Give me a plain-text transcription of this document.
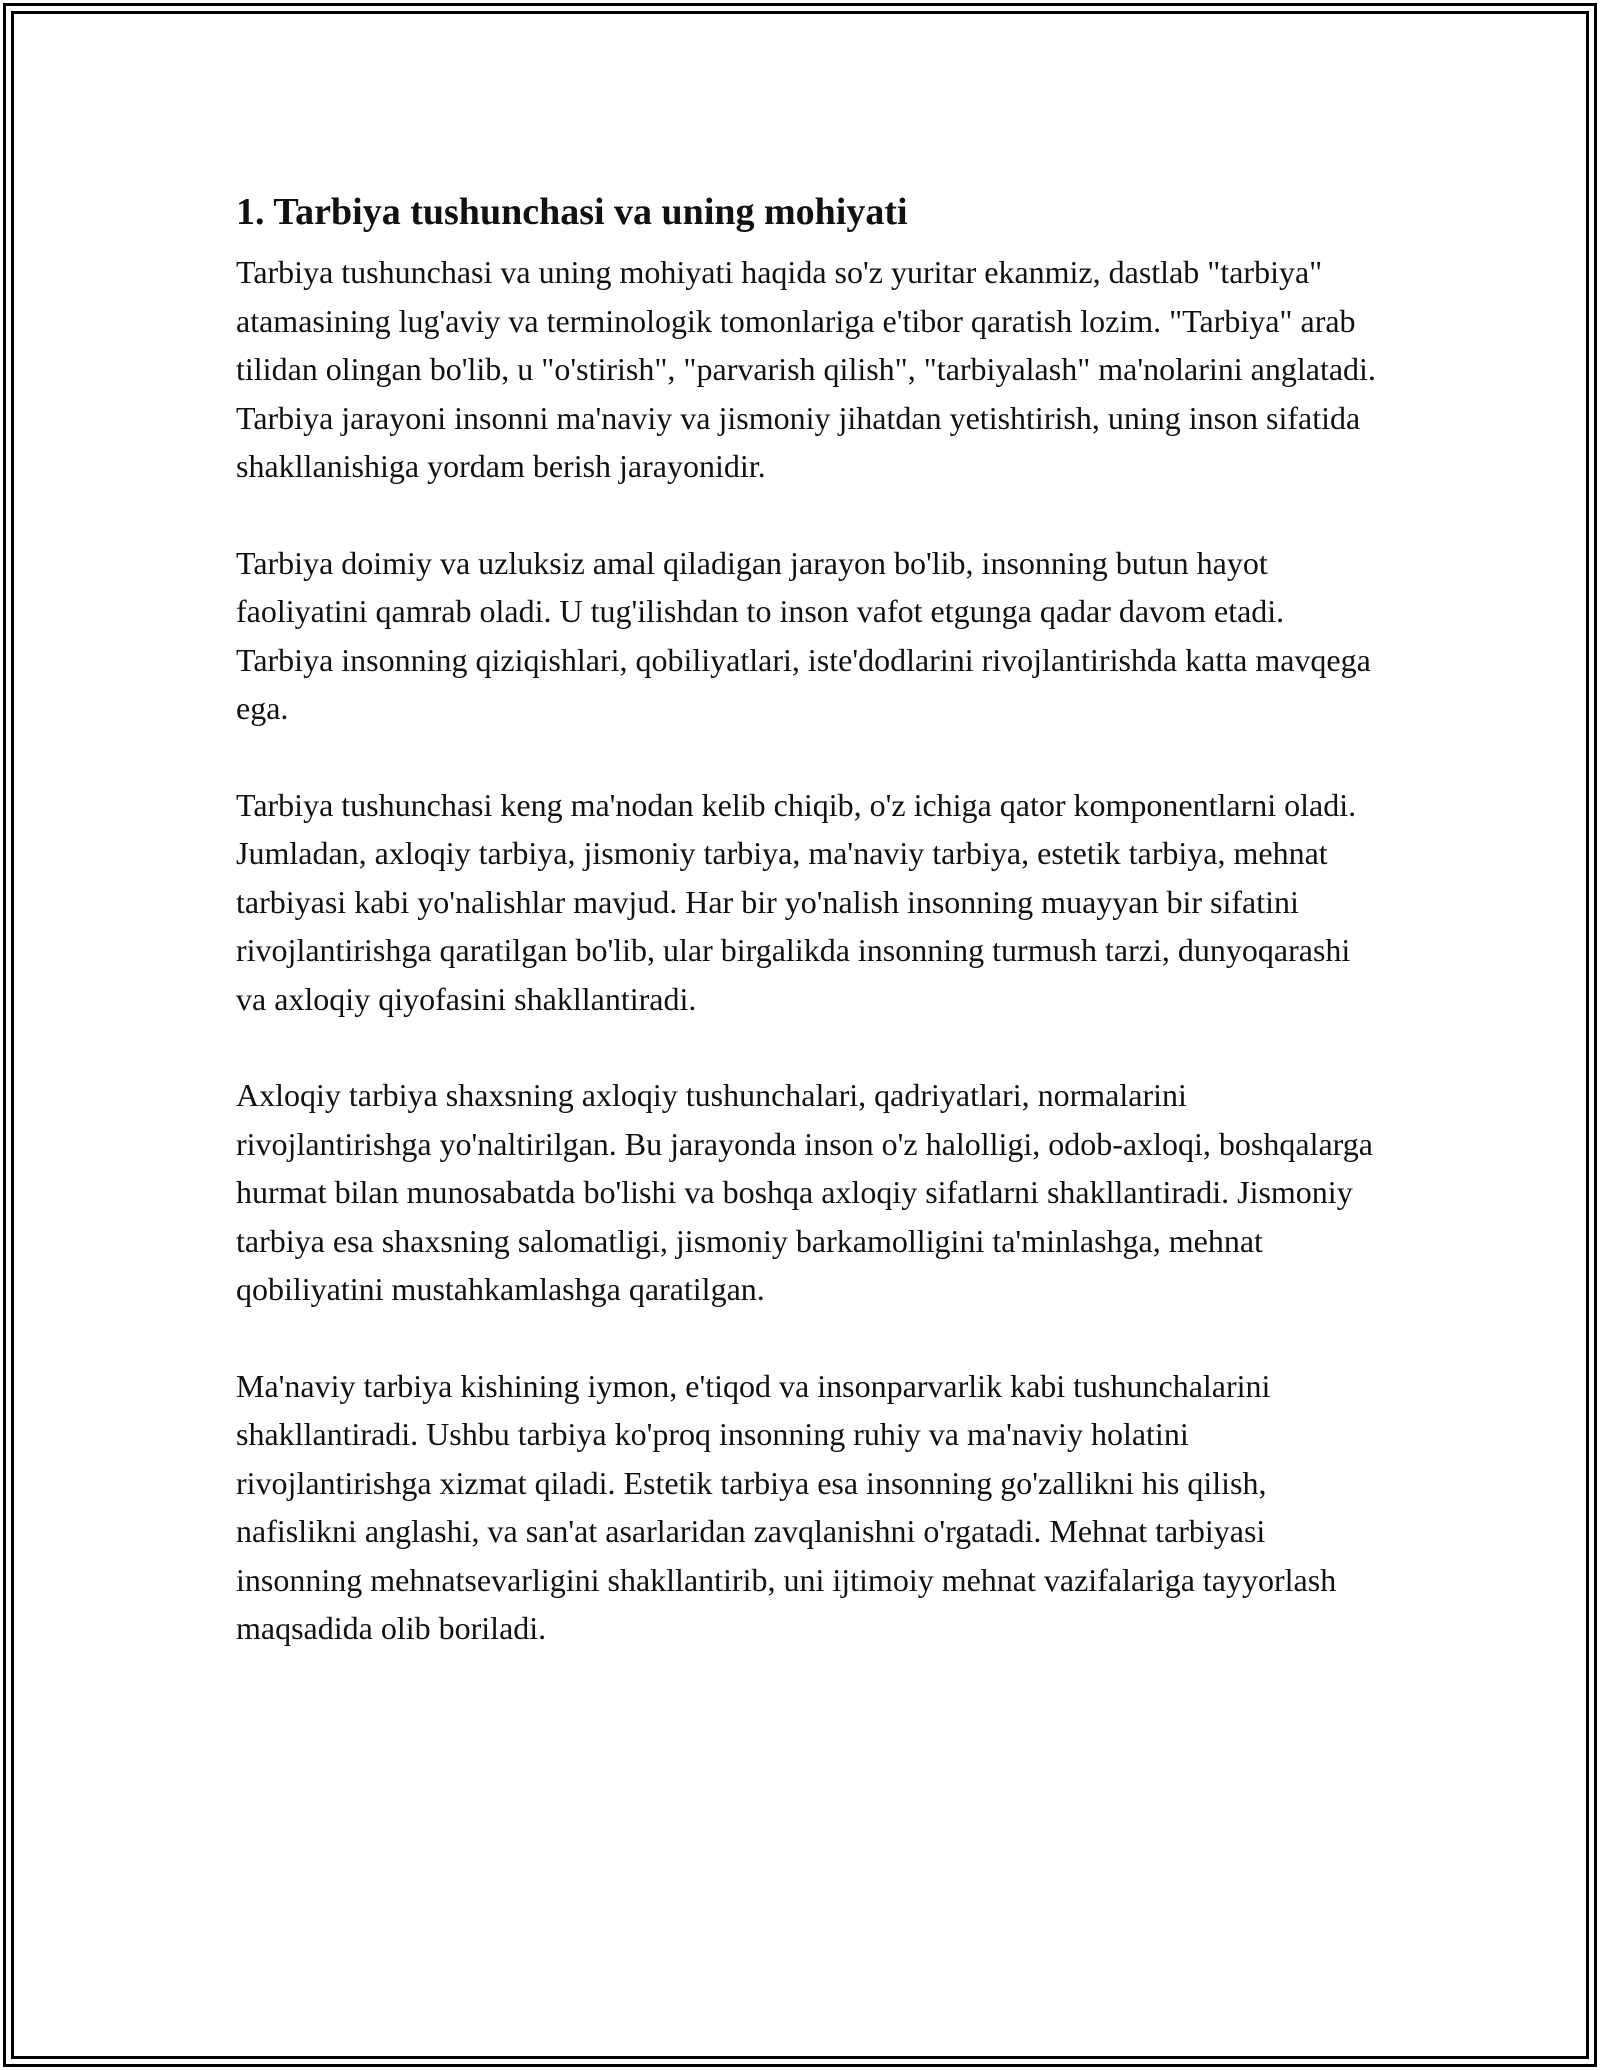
1. Tarbiya tushunchasi va uning mohiyati

Tarbiya tushunchasi va uning mohiyati haqida so'z yuritar ekanmiz, dastlab "tarbiya" atamasining lug'aviy va terminologik tomonlariga e'tibor qaratish lozim. "Tarbiya" arab tilidan olingan bo'lib, u "o'stirish", "parvarish qilish", "tarbiyalash" ma'nolarini anglatadi. Tarbiya jarayoni insonni ma'naviy va jismoniy jihatdan yetishtirish, uning inson sifatida shakllanishiga yordam berish jarayonidir.

Tarbiya doimiy va uzluksiz amal qiladigan jarayon bo'lib, insonning butun hayot faoliyatini qamrab oladi. U tug'ilishdan to inson vafot etgunga qadar davom etadi. Tarbiya insonning qiziqishlari, qobiliyatlari, iste'dodlarini rivojlantirishda katta mavqega ega.

Tarbiya tushunchasi keng ma'nodan kelib chiqib, o'z ichiga qator komponentlarni oladi. Jumladan, axloqiy tarbiya, jismoniy tarbiya, ma'naviy tarbiya, estetik tarbiya, mehnat tarbiyasi kabi yo'nalishlar mavjud. Har bir yo'nalish insonning muayyan bir sifatini rivojlantirishga qaratilgan bo'lib, ular birgalikda insonning turmush tarzi, dunyoqarashi va axloqiy qiyofasini shakllantiradi.

Axloqiy tarbiya shaxsning axloqiy tushunchalari, qadriyatlari, normalarini rivojlantirishga yo'naltirilgan. Bu jarayonda inson o'z halolligi, odob-axloqi, boshqalarga hurmat bilan munosabatda bo'lishi va boshqa axloqiy sifatlarni shakllantiradi. Jismoniy tarbiya esa shaxsning salomatligi, jismoniy barkamolligini ta'minlashga, mehnat qobiliyatini mustahkamlashga qaratilgan.

Ma'naviy tarbiya kishining iymon, e'tiqod va insonparvarlik kabi tushunchalarini shakllantiradi. Ushbu tarbiya ko'proq insonning ruhiy va ma'naviy holatini rivojlantirishga xizmat qiladi. Estetik tarbiya esa insonning go'zallikni his qilish, nafislikni anglashi, va san'at asarlaridan zavqlanishni o'rgatadi. Mehnat tarbiyasi insonning mehnatsevarligini shakllantirib, uni ijtimoiy mehnat vazifalariga tayyorlash maqsadida olib boriladi.
